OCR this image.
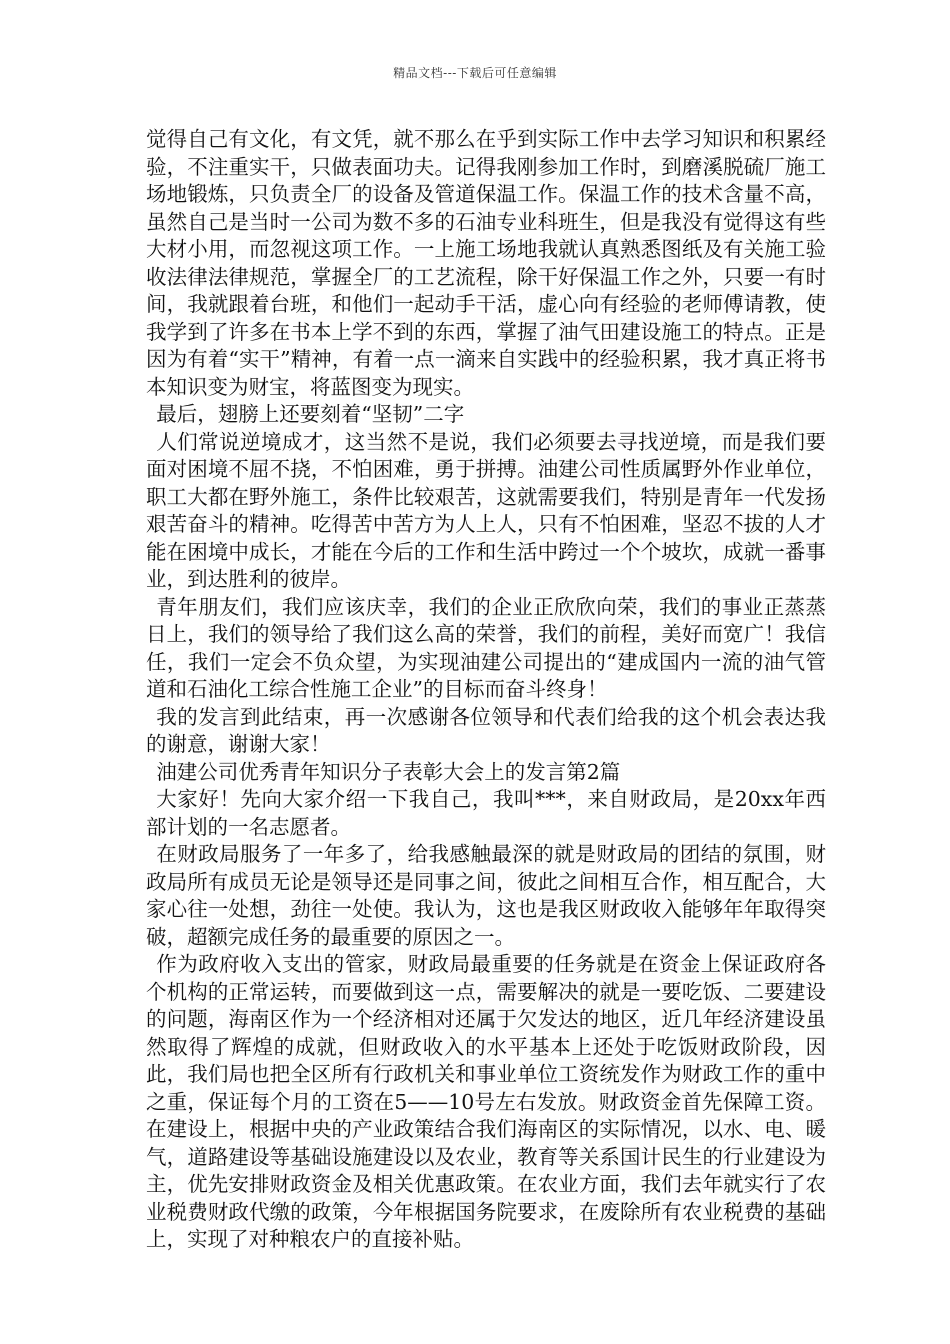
精品文档---下载后可任意编辑

觉得自己有文化，有文凭，就不那么在乎到实际工作中去学习知识和积累经验，不注重实干，只做表面功夫。记得我刚参加工作时，到磨溪脱硫厂施工场地锻炼，只负责全厂的设备及管道保温工作。保温工作的技术含量不高，虽然自己是当时一公司为数不多的石油专业科班生，但是我没有觉得这有些大材小用，而忽视这项工作。一上施工场地我就认真熟悉图纸及有关施工验收法律法律规范，掌握全厂的工艺流程，除干好保温工作之外，只要一有时间，我就跟着台班，和他们一起动手干活，虚心向有经验的老师傅请教，使我学到了许多在书本上学不到的东西，掌握了油气田建设施工的特点。正是因为有着“实干”精神，有着一点一滴来自实践中的经验积累，我才真正将书本知识变为财宝，将蓝图变为现实。

最后，翅膀上还要刻着“坚韧”二字

人们常说逆境成才，这当然不是说，我们必须要去寻找逆境，而是我们要面对困境不屈不挠，不怕困难，勇于拼搏。油建公司性质属野外作业单位，职工大都在野外施工，条件比较艰苦，这就需要我们，特别是青年一代发扬艰苦奋斗的精神。吃得苦中苦方为人上人，只有不怕困难，坚忍不拔的人才能在困境中成长，才能在今后的工作和生活中跨过一个个坡坎，成就一番事业，到达胜利的彼岸。

青年朋友们，我们应该庆幸，我们的企业正欣欣向荣，我们的事业正蒸蒸日上，我们的领导给了我们这么高的荣誉，我们的前程，美好而宽广！我信任，我们一定会不负众望，为实现油建公司提出的“建成国内一流的油气管道和石油化工综合性施工企业”的目标而奋斗终身！

我的发言到此结束，再一次感谢各位领导和代表们给我的这个机会表达我的谢意，谢谢大家！

油建公司优秀青年知识分子表彰大会上的发言第2篇

大家好！先向大家介绍一下我自己，我叫***，来自财政局，是20xx年西部计划的一名志愿者。

在财政局服务了一年多了，给我感触最深的就是财政局的团结的氛围，财政局所有成员无论是领导还是同事之间，彼此之间相互合作，相互配合，大家心往一处想，劲往一处使。我认为，这也是我区财政收入能够年年取得突破，超额完成任务的最重要的原因之一。

作为政府收入支出的管家，财政局最重要的任务就是在资金上保证政府各个机构的正常运转，而要做到这一点，需要解决的就是一要吃饭、二要建设的问题，海南区作为一个经济相对还属于欠发达的地区，近几年经济建设虽然取得了辉煌的成就，但财政收入的水平基本上还处于吃饭财政阶段，因此，我们局也把全区所有行政机关和事业单位工资统发作为财政工作的重中之重，保证每个月的工资在5——10号左右发放。财政资金首先保障工资。在建设上，根据中央的产业政策结合我们海南区的实际情况，以水、电、暖气，道路建设等基础设施建设以及农业，教育等关系国计民生的行业建设为主，优先安排财政资金及相关优惠政策。在农业方面，我们去年就实行了农业税费财政代缴的政策，今年根据国务院要求，在废除所有农业税费的基础上，实现了对种粮农户的直接补贴。
